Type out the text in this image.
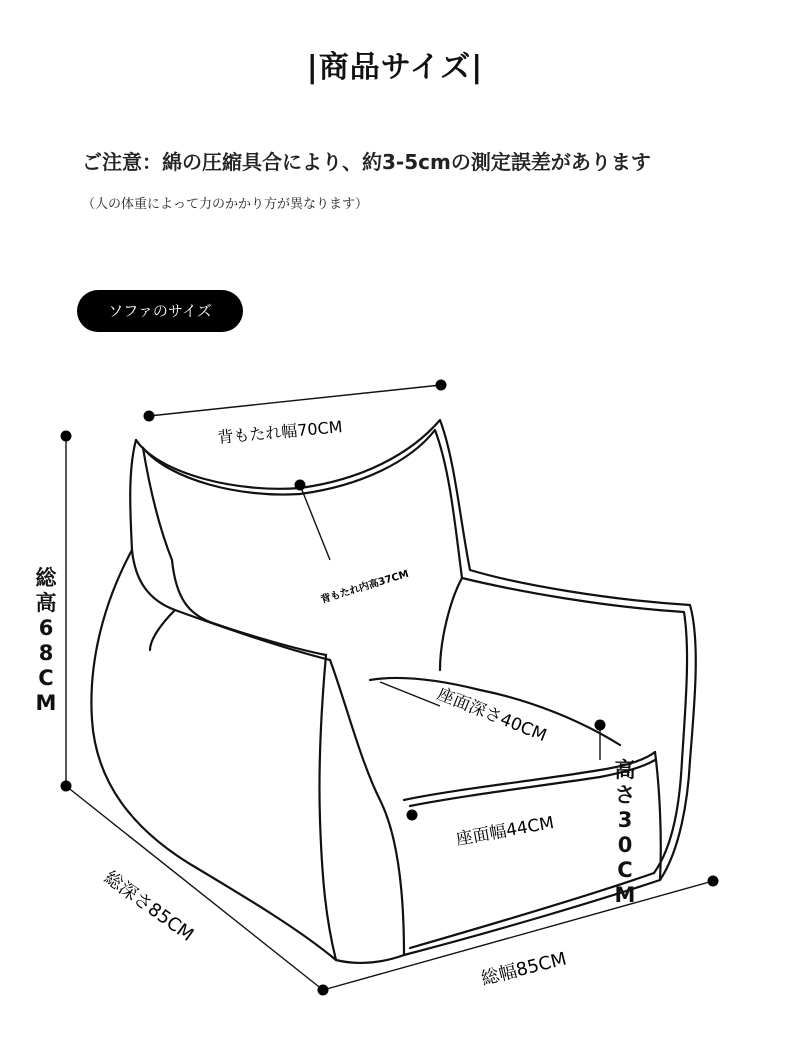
|商品サイズ|
ご注意：綿の圧縮具合により、約3-5cmの測定誤差があります
（人の体重によって力のかかり方が異なります）
ソファのサイズ
背もたれ幅70CM
背もたれ内高37CM
座面深さ40CM
座面幅44CM
総深さ85CM
総幅85CM
総
高
6
8
C
M
高
さ
3
0
C
M
